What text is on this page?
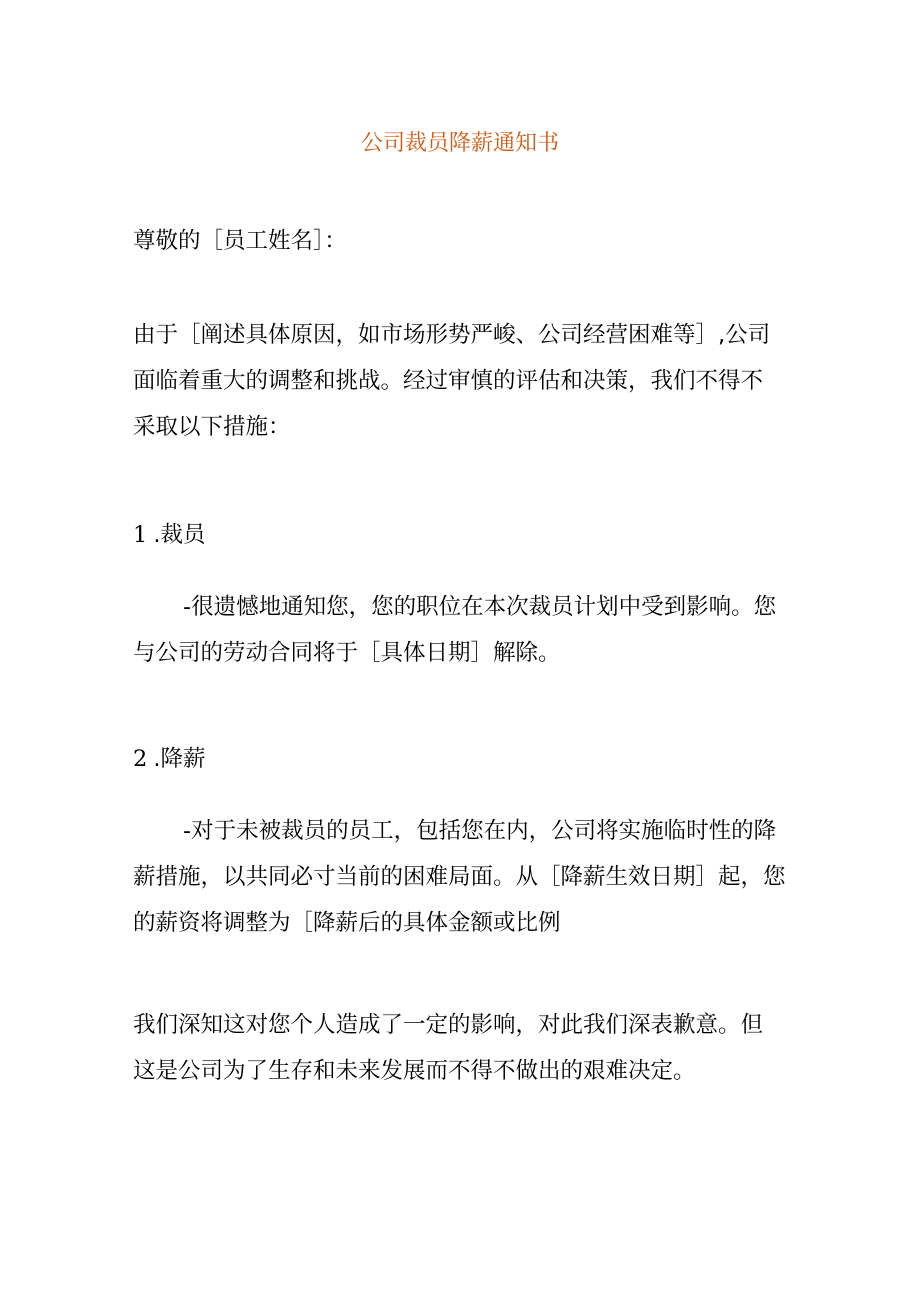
公司裁员降薪通知书
尊敬的［员工姓名］：
由于［阐述具体原因，如市场形势严峻、公司经营困难等］,公司
面临着重大的调整和挑战。经过审慎的评估和决策，我们不得不
采取以下措施：
1 .裁员
-很遗憾地通知您，您的职位在本次裁员计划中受到影响。您
与公司的劳动合同将于［具体日期］解除。
2 .降薪
-对于未被裁员的员工，包括您在内，公司将实施临时性的降
薪措施，以共同必寸当前的困难局面。从［降薪生效日期］起，您
的薪资将调整为［降薪后的具体金额或比例
我们深知这对您个人造成了一定的影响，对此我们深表歉意。但
这是公司为了生存和未来发展而不得不做出的艰难决定。
